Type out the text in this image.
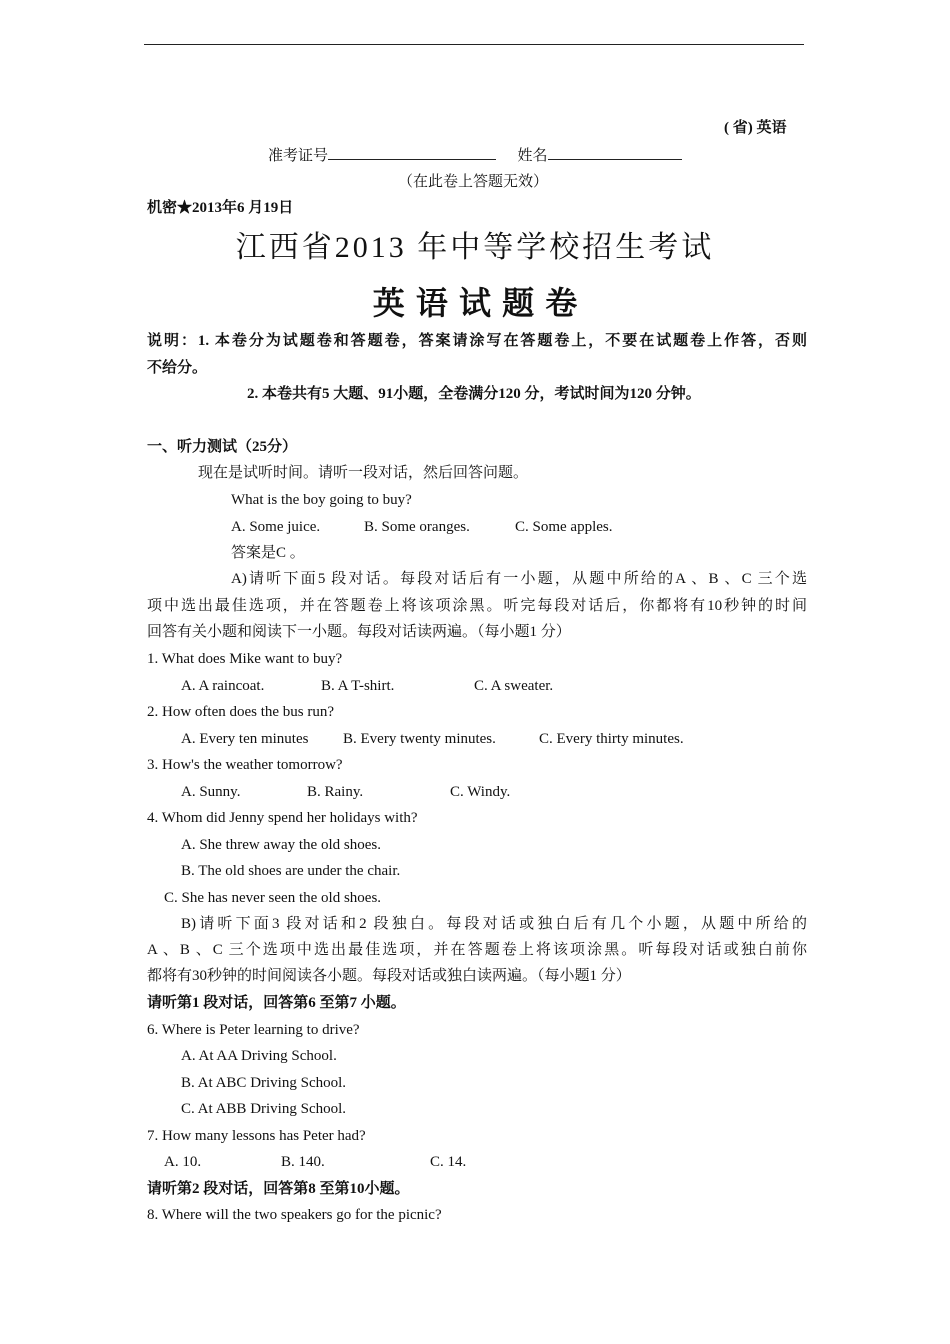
( 省) 英语
准考证号	姓名
（在此卷上答题无效）
机密★2013年6 月19日
江西省2013 年中等学校招生考试
英 语 试 题 卷
说明：1. 本卷分为试题卷和答题卷，答案请涂写在答题卷上，不要在试题卷上作答，否则
不给分。
2. 本卷共有5 大题、91小题，全卷满分120 分，考试时间为120 分钟。
一、听力测试（25分）
现在是试听时间。请听一段对话，然后回答问题。
What is the boy going to buy?
A. Some juice.	B. Some oranges.	C. Some apples.
答案是C 。
A)请听下面5 段对话。每段对话后有一小题，从题中所给的A 、B 、C 三个选
项中选出最佳选项，并在答题卷上将该项涂黑。听完每段对话后，你都将有10秒钟的时间
回答有关小题和阅读下一小题。每段对话读两遍。（每小题1 分）
1. What does Mike want to buy?
A. A raincoat.	B. A T-shirt.	C. A sweater.
2. How often does the bus run?
A. Every ten minutes B. Every twenty minutes.	C. Every thirty minutes.
3. How's the weather tomorrow?
A. Sunny.	B. Rainy.	C. Windy.
4. Whom did Jenny spend her holidays with?
A. She threw away the old shoes.
B. The old shoes are under the chair.
C. She has never seen the old shoes.
B)请听下面3 段对话和2 段独白。每段对话或独白后有几个小题，从题中所给的
A 、B 、C 三个选项中选出最佳选项，并在答题卷上将该项涂黑。听每段对话或独白前你
都将有30秒钟的时间阅读各小题。每段对话或独白读两遍。（每小题1 分）
请听第1 段对话，回答第6 至第7 小题。
6. Where is Peter learning to drive?
A. At AA Driving School.
B. At ABC Driving School.
C. At ABB Driving School.
7. How many lessons has Peter had?
A. 10.	B. 140.	C. 14.
请听第2 段对话，回答第8 至第10小题。
8. Where will the two speakers go for the picnic?
